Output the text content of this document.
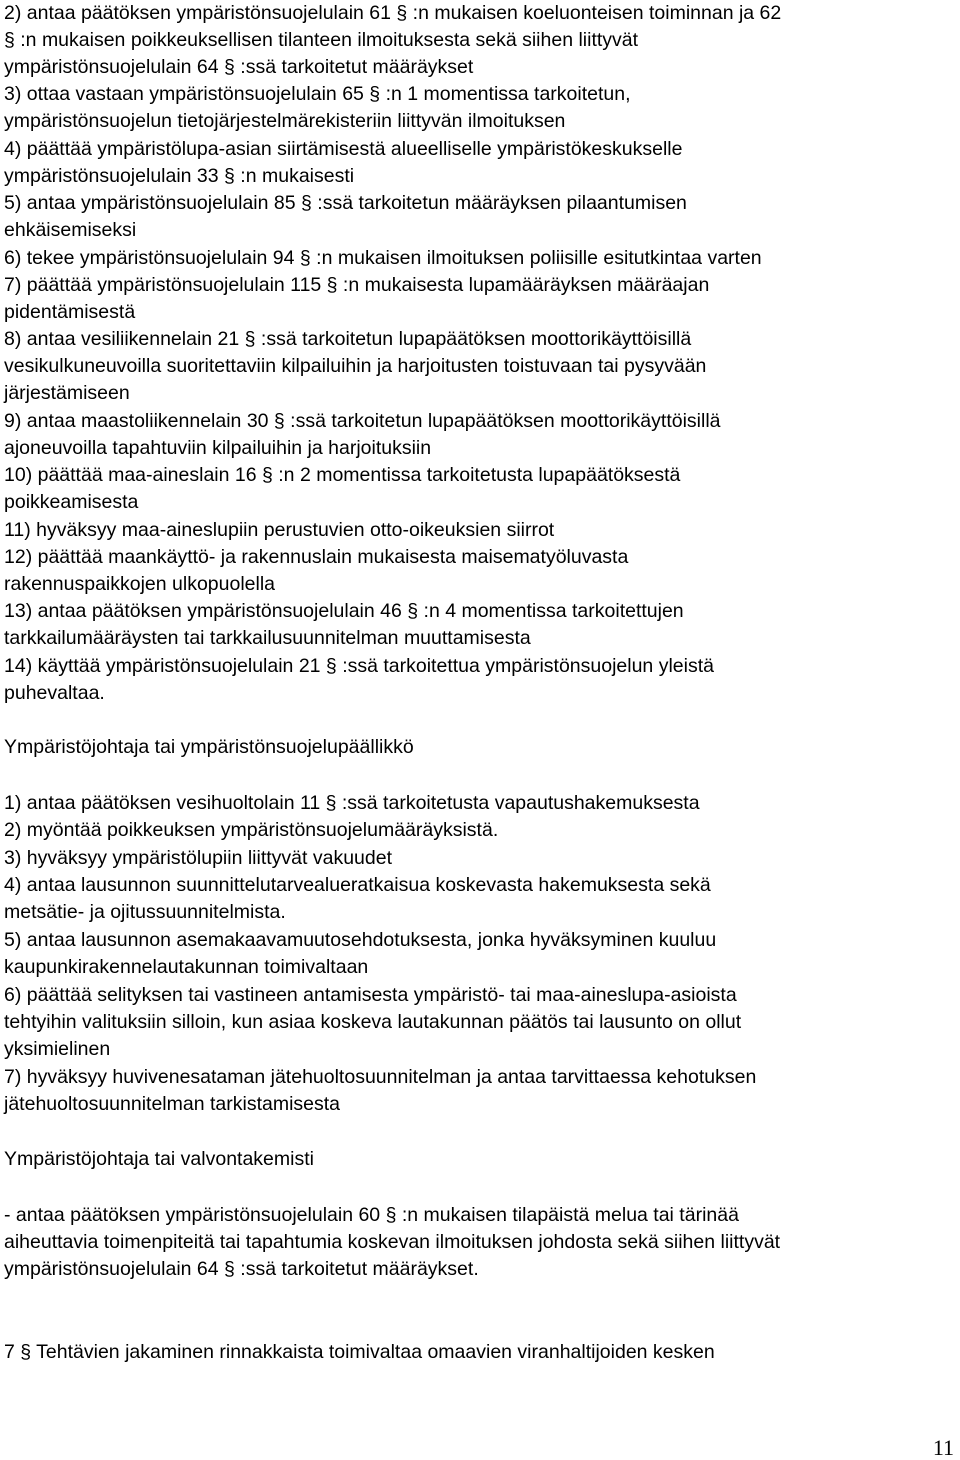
2) antaa päätöksen ympäristönsuojelulain 61 § :n mukaisen koeluonteisen toiminnan ja 62
§ :n mukaisen poikkeuksellisen tilanteen ilmoituksesta sekä siihen liittyvät
ympäristönsuojelulain 64 § :ssä tarkoitetut määräykset
3) ottaa vastaan ympäristönsuojelulain 65 § :n 1 momentissa tarkoitetun,
ympäristönsuojelun tietojärjestelmärekisteriin liittyvän ilmoituksen
4) päättää ympäristölupa-asian siirtämisestä alueelliselle ympäristökeskukselle
ympäristönsuojelulain 33 § :n mukaisesti
5) antaa ympäristönsuojelulain 85 § :ssä tarkoitetun määräyksen pilaantumisen
ehkäisemiseksi
6) tekee ympäristönsuojelulain 94 § :n mukaisen ilmoituksen poliisille esitutkintaa varten
7) päättää ympäristönsuojelulain 115 § :n mukaisesta lupamääräyksen määräajan
pidentämisestä
8) antaa vesiliikennelain 21 § :ssä tarkoitetun lupapäätöksen moottorikäyttöisillä
vesikulkuneuvoilla suoritettaviin kilpailuihin ja harjoitusten toistuvaan tai pysyvään
järjestämiseen
9) antaa maastoliikennelain 30 § :ssä tarkoitetun lupapäätöksen moottorikäyttöisillä
ajoneuvoilla tapahtuviin kilpailuihin ja harjoituksiin
10) päättää maa-aineslain 16 § :n 2 momentissa tarkoitetusta lupapäätöksestä
poikkeamisesta
11) hyväksyy maa-aineslupiin perustuvien otto-oikeuksien siirrot
12) päättää maankäyttö- ja rakennuslain mukaisesta maisematyöluvasta
rakennuspaikkojen ulkopuolella
13) antaa päätöksen ympäristönsuojelulain 46 § :n 4 momentissa tarkoitettujen
tarkkailumääräysten tai tarkkailusuunnitelman muuttamisesta
14) käyttää ympäristönsuojelulain 21 § :ssä tarkoitettua ympäristönsuojelun yleistä
puhevaltaa.
Ympäristöjohtaja tai ympäristönsuojelupäällikkö
1) antaa päätöksen vesihuoltolain 11 § :ssä tarkoitetusta vapautushakemuksesta
2) myöntää poikkeuksen ympäristönsuojelumääräyksistä.
3) hyväksyy ympäristölupiin liittyvät vakuudet
4) antaa lausunnon suunnittelutarvealueratkaisua koskevasta hakemuksesta sekä
metsätie- ja ojitussuunnitelmista.
5) antaa lausunnon asemakaavamuutosehdotuksesta, jonka hyväksyminen kuuluu
kaupunkirakennelautakunnan toimivaltaan
6) päättää selityksen tai vastineen antamisesta ympäristö- tai maa-aineslupa-asioista
tehtyihin valituksiin silloin, kun asiaa koskeva lautakunnan päätös tai lausunto on ollut
yksimielinen
7) hyväksyy huvivenesataman jätehuoltosuunnitelman ja antaa tarvittaessa kehotuksen
jätehuoltosuunnitelman tarkistamisesta
Ympäristöjohtaja tai valvontakemisti
- antaa päätöksen ympäristönsuojelulain 60 § :n mukaisen tilapäistä melua tai tärinää
aiheuttavia toimenpiteitä tai tapahtumia koskevan ilmoituksen johdosta sekä siihen liittyvät
ympäristönsuojelulain 64 § :ssä tarkoitetut määräykset.
7 § Tehtävien jakaminen rinnakkaista toimivaltaa omaavien viranhaltijoiden kesken
11
